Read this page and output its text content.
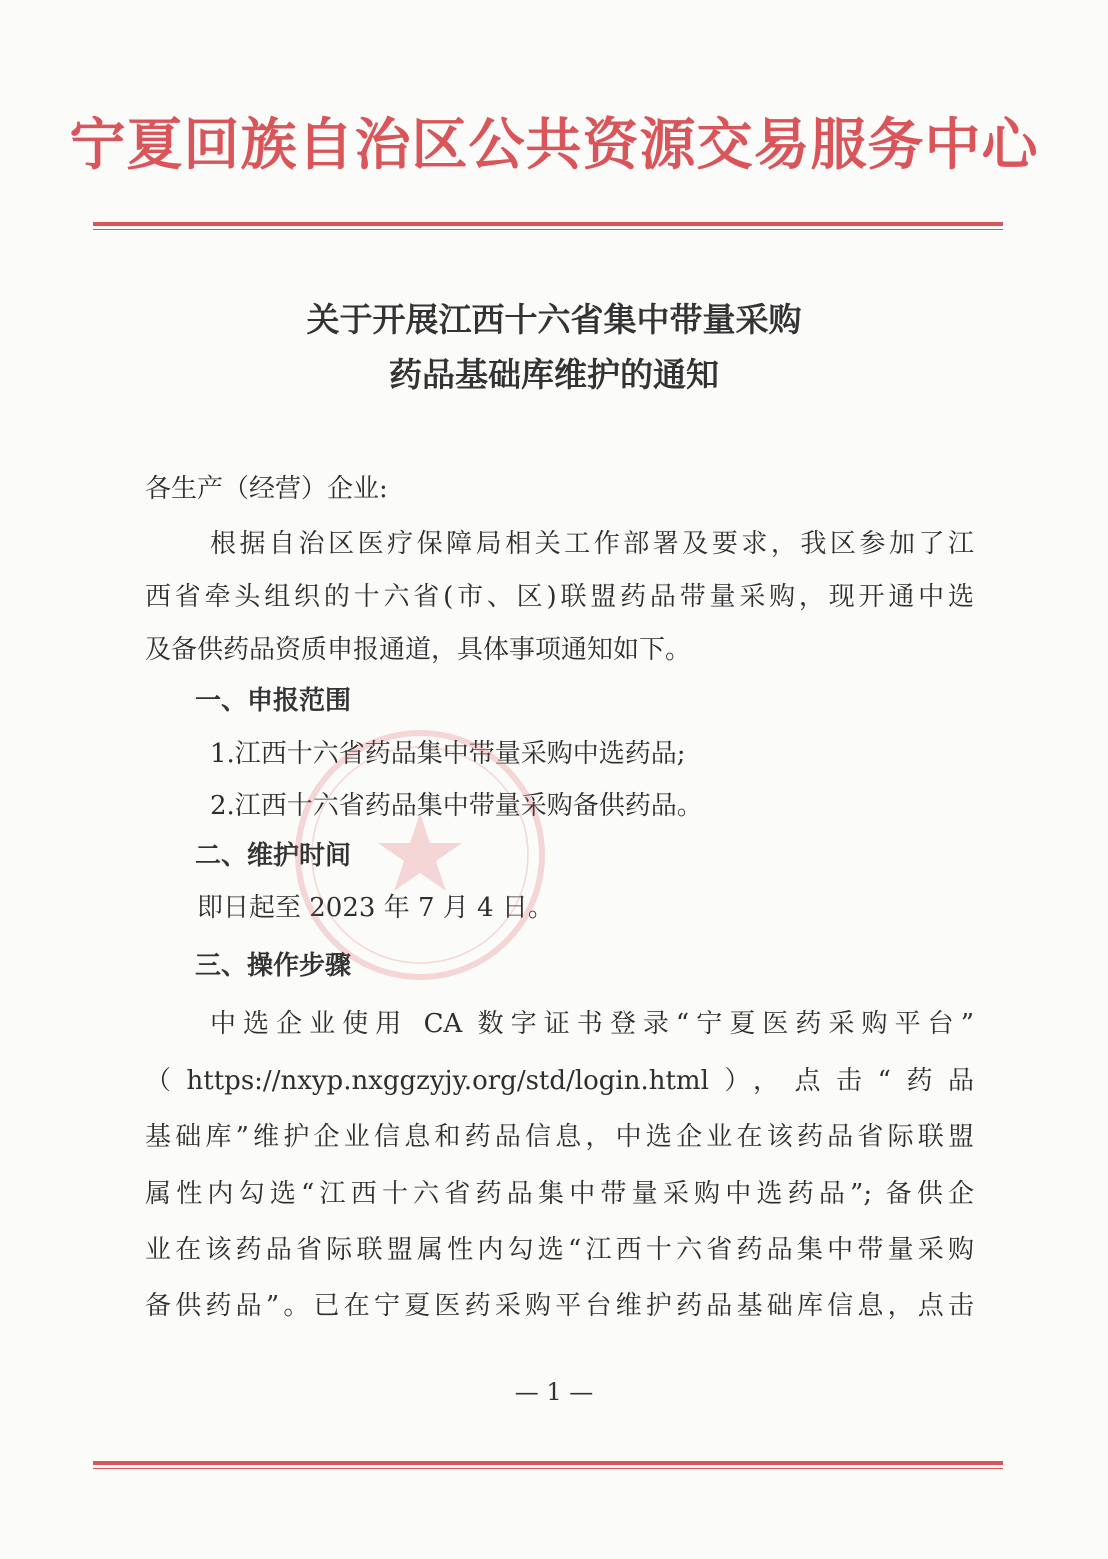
宁夏回族自治区公共资源交易服务中心
关于开展江西十六省集中带量采购
药品基础库维护的通知
各生产（经营）企业:
根据自治区医疗保障局相关工作部署及要求，我区参加了江
西省牵头组织的十六省(市、区)联盟药品带量采购，现开通中选
及备供药品资质申报通道，具体事项通知如下。
一、申报范围
1.江西十六省药品集中带量采购中选药品;
2.江西十六省药品集中带量采购备供药品。
二、维护时间
即日起至 2023 年 7 月 4 日。
三、操作步骤
中选企业使用 CA 数字证书登录“宁夏医药采购平台”
（https://nxyp.nxggzyjy.org/std/login.html），点击“药品
基础库”维护企业信息和药品信息，中选企业在该药品省际联盟
属性内勾选“江西十六省药品集中带量采购中选药品”; 备供企
业在该药品省际联盟属性内勾选“江西十六省药品集中带量采购
备供药品”。已在宁夏医药采购平台维护药品基础库信息，点击
— 1 —
